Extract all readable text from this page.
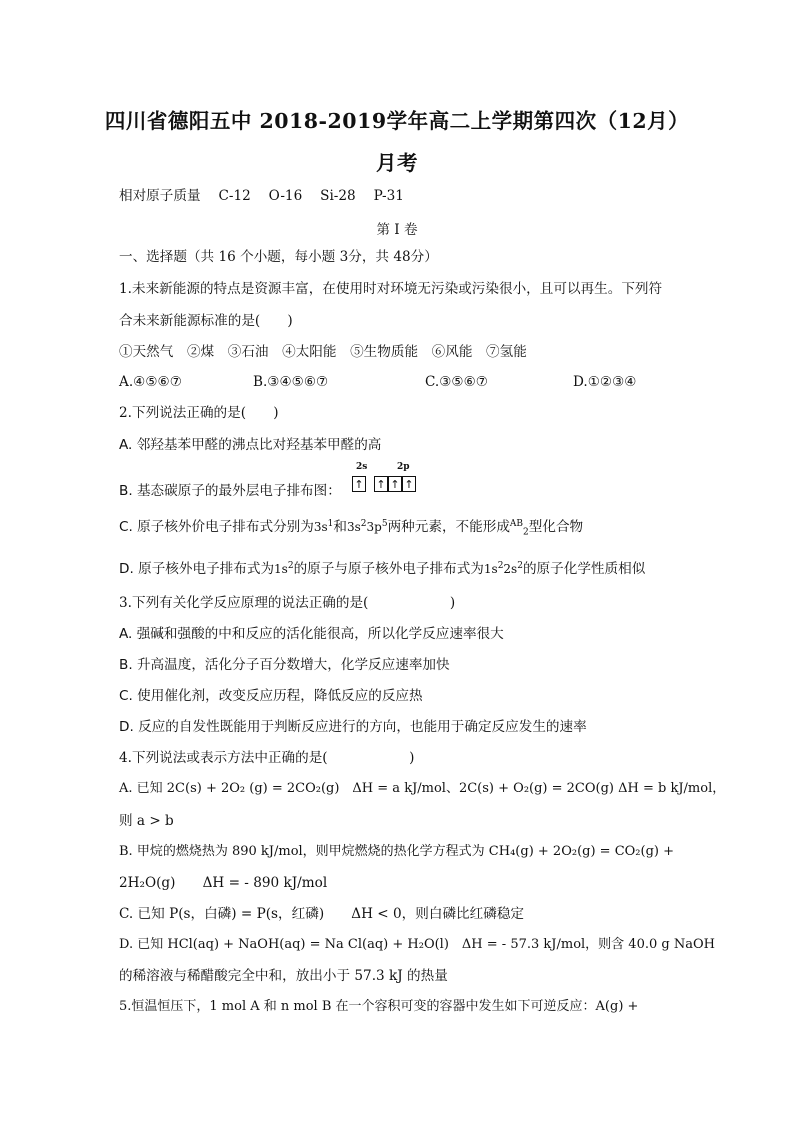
四川省德阳五中 2018-2019学年高二上学期第四次（12月）
月考
相对原子质量　 C-12　 O-16　 Si-28　 P-31
第 I 卷
一、选择题（共 16 个小题，每小题 3分，共 48分）
1.未来新能源的特点是资源丰富，在使用时对环境无污染或污染很小，且可以再生。下列符
合未来新能源标准的是(　　)
①天然气　②煤　③石油　④太阳能　⑤生物质能　⑥风能　⑦氢能
A.④⑤⑥⑦	B.③④⑤⑥⑦	C.③⑤⑥⑦	D.①②③④
2.下列说法正确的是(　　)
A. 邻羟基苯甲醛的沸点比对羟基苯甲醛的高
B. 基态碳原子的最外层电子排布图：
2s	2p
↑ ↑ ↑ ↑
C. 原子核外价电子排布式分别为$3s^1$和$3s^23p^5$两种元素，不能形成$^{AB}_2$型化合物
D. 原子核外电子排布式为$1s^2$的原子与原子核外电子排布式为$1s^22s^2$的原子化学性质相似
3.下列有关化学反应原理的说法正确的是(　　　　　　)
A. 强碱和强酸的中和反应的活化能很高，所以化学反应速率很大
B. 升高温度，活化分子百分数增大，化学反应速率加快
C. 使用催化剂，改变反应历程，降低反应的反应热
D. 反应的自发性既能用于判断反应进行的方向，也能用于确定反应发生的速率
4.下列说法或表示方法中正确的是(　　　　　　)
A. 已知 2C(s) + 2O₂ (g) = 2CO₂(g)　ΔH = a kJ/mol、2C(s) + O₂(g) = 2CO(g) ΔH = b kJ/mol，
则 a > b
B. 甲烷的燃烧热为 890 kJ/mol，则甲烷燃烧的热化学方程式为 CH₄(g) + 2O₂(g) = CO₂(g) +
2H₂O(g)　　ΔH = - 890 kJ/mol
C. 已知 P(s，白磷) = P(s，红磷)　　ΔH < 0，则白磷比红磷稳定
D. 已知 HCl(aq) + NaOH(aq) = Na Cl(aq) + H₂O(l)　ΔH = - 57.3 kJ/mol，则含 40.0 g NaOH
的稀溶液与稀醋酸完全中和，放出小于 57.3 kJ 的热量
5.恒温恒压下，1 mol A 和 n mol B 在一个容积可变的容器中发生如下可逆反应：A(g) +
